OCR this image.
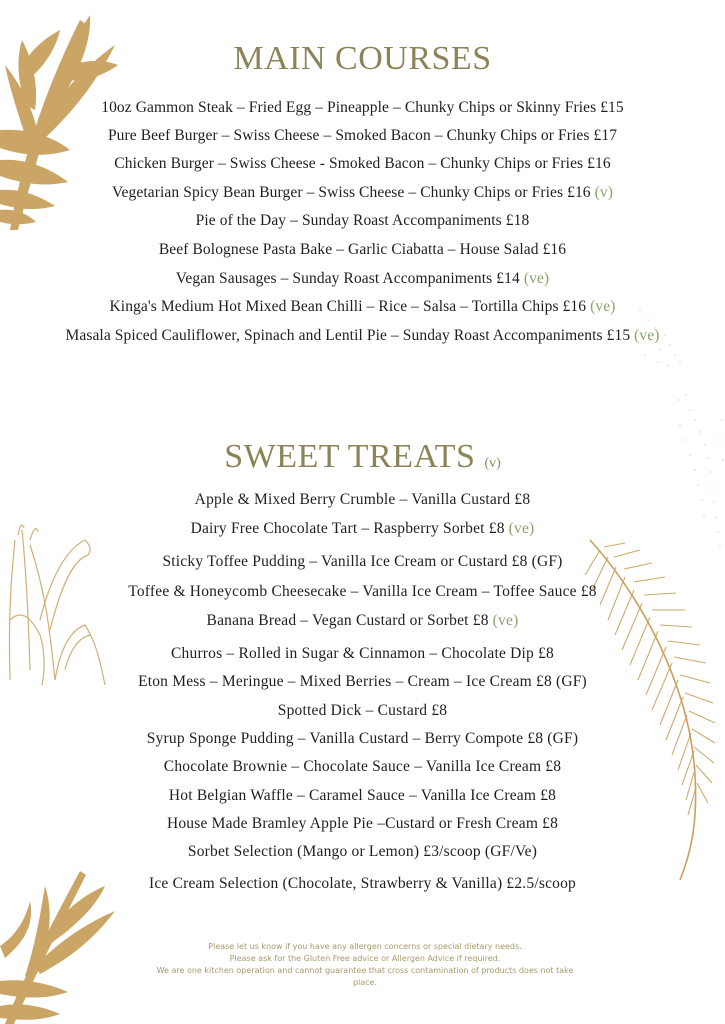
MAIN COURSES
10oz Gammon Steak – Fried Egg – Pineapple – Chunky Chips or Skinny Fries £15
Pure Beef Burger – Swiss Cheese – Smoked Bacon – Chunky Chips or Fries £17
Chicken Burger – Swiss Cheese - Smoked Bacon – Chunky Chips or Fries £16
Vegetarian Spicy Bean Burger – Swiss Cheese – Chunky Chips or Fries £16 (v)
Pie of the Day – Sunday Roast Accompaniments £18
Beef Bolognese Pasta Bake – Garlic Ciabatta – House Salad £16
Vegan Sausages – Sunday Roast Accompaniments £14 (ve)
Kinga's Medium Hot Mixed Bean Chilli – Rice – Salsa – Tortilla Chips £16 (ve)
Masala Spiced Cauliflower, Spinach and Lentil Pie – Sunday Roast Accompaniments £15 (ve)
SWEET TREATS (v)
Apple & Mixed Berry Crumble – Vanilla Custard £8
Dairy Free Chocolate Tart – Raspberry Sorbet £8 (ve)
Sticky Toffee Pudding – Vanilla Ice Cream or Custard £8 (GF)
Toffee & Honeycomb Cheesecake – Vanilla Ice Cream – Toffee Sauce £8
Banana Bread – Vegan Custard or Sorbet £8 (ve)
Churros – Rolled in Sugar & Cinnamon – Chocolate Dip £8
Eton Mess – Meringue – Mixed Berries – Cream – Ice Cream £8 (GF)
Spotted Dick – Custard £8
Syrup Sponge Pudding – Vanilla Custard – Berry Compote £8 (GF)
Chocolate Brownie – Chocolate Sauce – Vanilla Ice Cream £8
Hot Belgian Waffle – Caramel Sauce – Vanilla Ice Cream £8
House Made Bramley Apple Pie –Custard or Fresh Cream £8
Sorbet Selection (Mango or Lemon) £3/scoop (GF/Ve)
Ice Cream Selection (Chocolate, Strawberry & Vanilla) £2.5/scoop
Please let us know if you have any allergen concerns or special dietary needs.
Please ask for the Gluten Free advice or Allergen Advice if required.
We are one kitchen operation and cannot guarantee that cross contamination of products does not take place.
